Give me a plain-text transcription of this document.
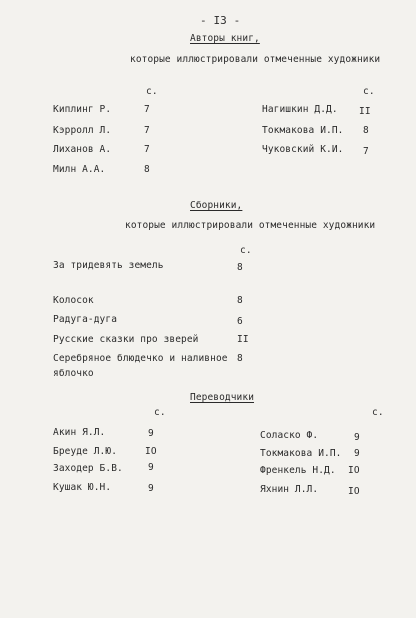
- I3 -
Авторы книг,
которые иллюстрировали отмеченные художники
с.	с.
Киплинг Р.	7
Кэрролл Л.	7
Лиханов А.	7
Милн А.А.	8
Нагишкин Д.Д. II
Токмакова И.П. 8
Чуковский К.И. 7
Сборники,
которые иллюстрировали отмеченные художники
с.
За тридевять земель	8
Колосок	8
Радуга-дуга	6
Русские сказки про зверей	II
Серебряное блюдечко и наливное
яблочко
8
Переводчики
с.	с.
Акин Я.Л.	9
Бреуде Л.Ю.	IO
Заходер Б.В.	9
Кушак Ю.Н.	9
Соласко Ф.	9
Токмакова И.П. 9
Френкель Н.Д. IO
Яхнин Л.Л.	IO
